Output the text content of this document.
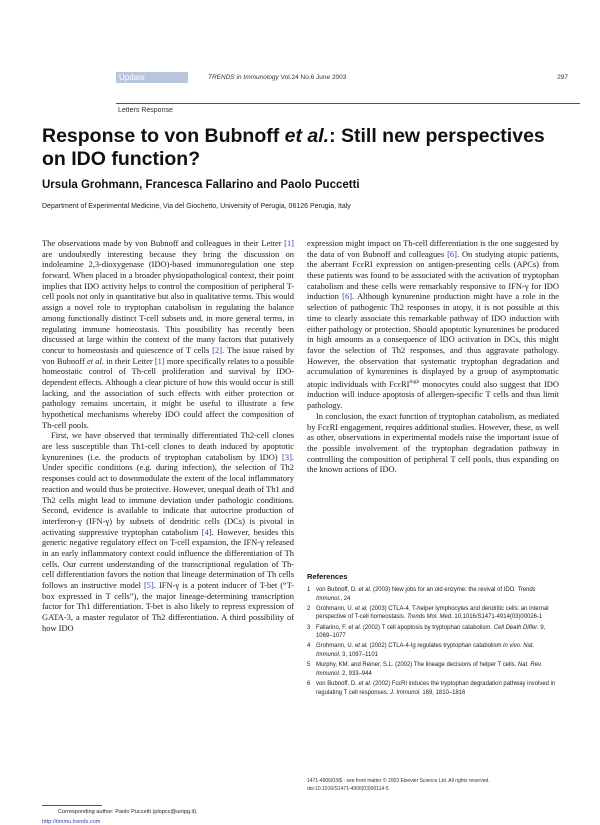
Update	TRENDS in Immunology Vol.24 No.6 June 2003	297
Letters Response
Response to von Bubnoff et al.: Still new perspectives
on IDO function?
Ursula Grohmann, Francesca Fallarino and Paolo Puccetti
Department of Experimental Medicine, Via del Giochetto, University of Perugia, 06126 Perugia, Italy

The observations made by von Bubnoff and colleagues in their Letter [1] are undoubtedly interesting because they bring the discussion on indoleamine 2,3-dioxygenase (IDO)-based immunoregulation one step forward. When placed in a broader physiopathological context, their point implies that IDO activity helps to control the composition of peripheral T-cell pools not only in quantitative but also in qualitative terms. This would assign a novel role to tryptophan catabolism in regulating the balance among functionally distinct T-cell subsets and, in more general terms, in regulating immune homeostasis. This possibility has recently been discussed at large within the context of the many factors that putatively concur to homeostasis and quiescence of T cells [2]. The issue raised by von Bubnoff et al. in their Letter [1] more specifically relates to a possible homeostatic control of Th-cell proliferation and survival by IDO-dependent effects. Although a clear picture of how this would occur is still lacking, and the association of such effects with either protection or pathology remains uncertain, it might be useful to illustrate a few hypothetical mechanisms whereby IDO could affect the composition of Th-cell pools.

First, we have observed that terminally differentiated Th2-cell clones are less susceptible than Th1-cell clones to death induced by apoptotic kynurenines (i.e. the products of tryptophan catabolism by IDO) [3]. Under specific conditions (e.g. during infection), the selection of Th2 responses could act to downmodulate the extent of the local inflammatory reaction and would thus be protective. However, unequal death of Th1 and Th2 cells might lead to immune deviation under pathologic conditions. Second, evidence is available to indicate that autocrine production of interferon-γ (IFN-γ) by subsets of dendritic cells (DCs) is pivotal in activating suppressive tryptophan catabolism [4]. However, besides this generic negative regulatory effect on T-cell expansion, the IFN-γ released in an early inflammatory context could influence the differentiation of Th cells. Our current understanding of the transcriptional regulation of Th-cell differentiation favors the notion that lineage determination of Th cells follows an instructive model [5]. IFN-γ is a potent inducer of T-bet (“T-box expressed in T cells”), the major lineage-determining transcription factor for Th1 differentiation. T-bet is also likely to repress expression of GATA-3, a master regulator of Th2 differentiation. A third possibility of how IDO

expression might impact on Th-cell differentiation is the one suggested by the data of von Bubnoff and colleagues [6]. On studying atopic patients, the aberrant FcεRI expression on antigen-presenting cells (APCs) from these patients was found to be associated with the activation of tryptophan catabolism and these cells were remarkably responsive to IFN-γ for IDO induction [6]. Although kynurenine production might have a role in the selection of pathogenic Th2 responses in atopy, it is not possible at this time to clearly associate this remarkable pathway of IDO induction with either pathology or protection. Should apoptotic kynurenines be produced in high amounts as a consequence of IDO activation in DCs, this might favor the selection of Th2 responses, and thus aggravate pathology. However, the observation that systematic tryptophan degradation and accumulation of kynurenines is displayed by a group of asymptomatic atopic individuals with FcεRI$^{high}$ monocytes could also suggest that IDO induction will induce apoptosis of allergen-specific T cells and thus limit pathology.

In conclusion, the exact function of tryptophan catabolism, as mediated by FcεRI engagement, requires additional studies. However, these, as well as other, observations in experimental models raise the important issue of the possible involvement of the tryptophan degradation pathway in controlling the composition of peripheral T cell pools, thus expanding on the known actions of IDO.

References
1 von Bubnoff, D. et al. (2003) New jobs for an old enzyme: the revival of IDO. Trends Immunol., 24
2 Grohmann, U. et al. (2003) CTLA-4, T-helper lymphocytes and dendritic cells: an internal perspective of T-cell homeostasis. Trends Mol. Med. 10.1016/S1471-4914(03)00026-1
3 Fallarino, F. et al. (2002) T cell apoptosis by tryptophan catabolism. Cell Death Differ. 9, 1069–1077
4 Grohmann, U. et al. (2002) CTLA-4-Ig regulates tryptophan catabolism in vivo. Nat. Immunol. 3, 1097–1101
5 Murphy, KM. and Reiner, S.L. (2002) The lineage decisions of helper T cells. Nat. Rev. Immunol. 2, 933–944
6 von Bubnoff, D. et al. (2002) FcεRI induces the tryptophan degradation pathway involved in regulating T cell responses. J. Immunol. 169, 1810–1816
1471-4906/03/$ - see front matter © 2003 Elsevier Science Ltd. All rights reserved.
doi:10.1016/S1471-4906(03)00114-5
Corresponding author: Paolo Puccetti (plopcc@unipg.it).
http://timmu.trends.com
